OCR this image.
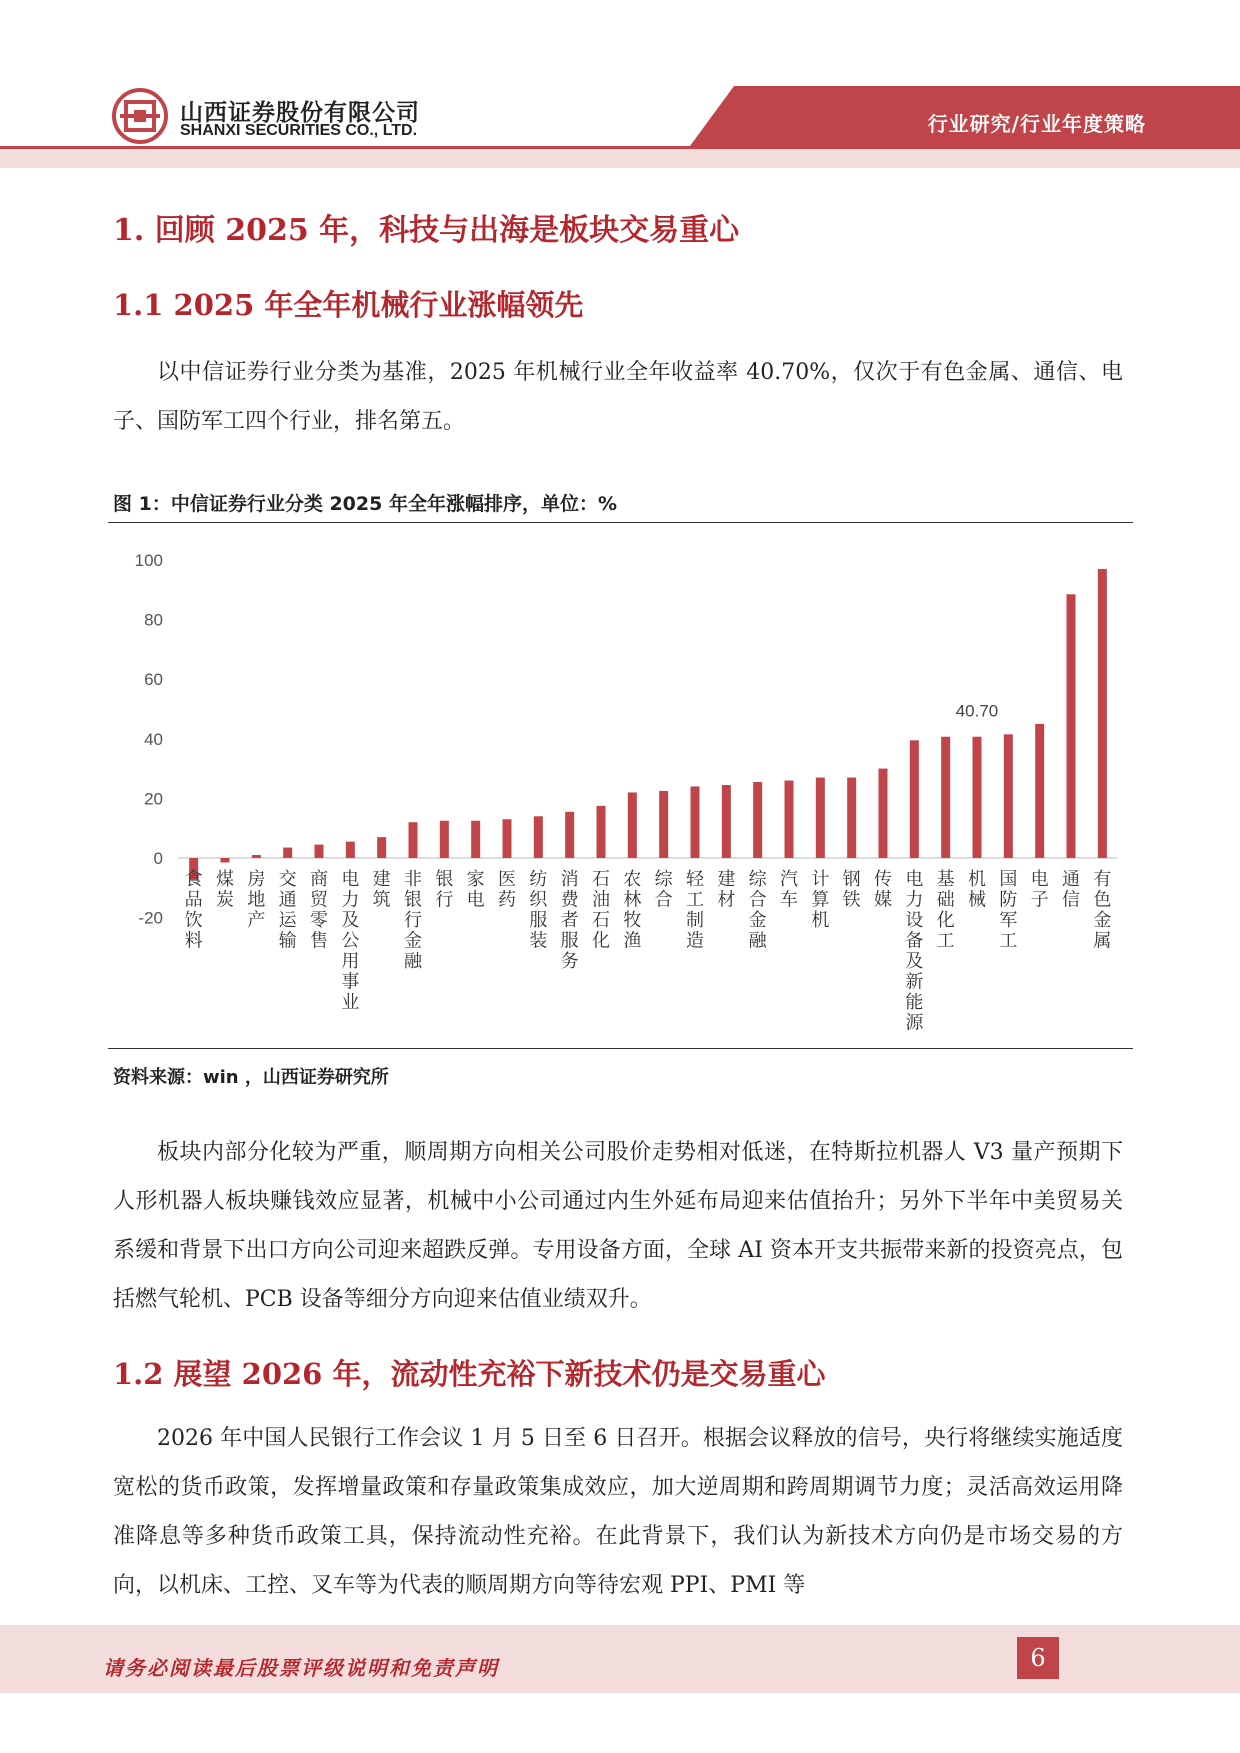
山西证券股份有限公司
SHANXI SECURITIES CO., LTD.	行业研究/行业年度策略
1. 回顾 2025 年，科技与出海是板块交易重心
1.1 2025 年全年机械行业涨幅领先

以中信证券行业分类为基准，2025 年机械行业全年收益率 40.70%，仅次于有色金属、通信、电子、国防军工四个行业，排名第五。

图 1：中信证券行业分类 2025 年全年涨幅排序，单位：%
100
80
60
40
20
0
-20
食品饮料
煤炭
房地产
交通运输
商贸零售
电力及公用事业
建筑
非银行金融
银行
家电
医药
纺织服装
消费者服务
石油石化
农林牧渔
综合
轻工制造
建材
综合金融
汽车
计算机
钢铁
传媒
电力设备及新能源
基础化工
机械
国防军工
电子
通信
有色金属
40.70
资料来源：win ，山西证券研究所

板块内部分化较为严重，顺周期方向相关公司股价走势相对低迷，在特斯拉机器人 V3 量产预期下人形机器人板块赚钱效应显著，机械中小公司通过内生外延布局迎来估值抬升；另外下半年中美贸易关系缓和背景下出口方向公司迎来超跌反弹。专用设备方面，全球 AI 资本开支共振带来新的投资亮点，包括燃气轮机、PCB 设备等细分方向迎来估值业绩双升。

1.2 展望 2026 年，流动性充裕下新技术仍是交易重心

2026 年中国人民银行工作会议 1 月 5 日至 6 日召开。根据会议释放的信号，央行将继续实施适度宽松的货币政策，发挥增量政策和存量政策集成效应，加大逆周期和跨周期调节力度；灵活高效运用降准降息等多种货币政策工具，保持流动性充裕。在此背景下，我们认为新技术方向仍是市场交易的方向，以机床、工控、叉车等为代表的顺周期方向等待宏观 PPI、PMI 等

请务必阅读最后股票评级说明和免责声明	6
